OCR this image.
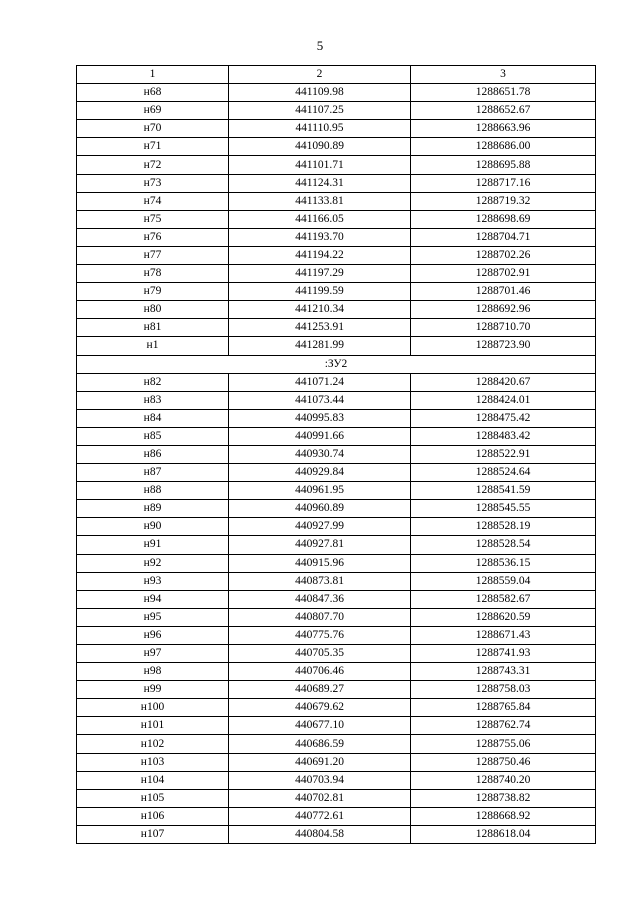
5
1	2	3
н68	441109.98	1288651.78
н69	441107.25	1288652.67
н70	441110.95	1288663.96
н71	441090.89	1288686.00
н72	441101.71	1288695.88
н73	441124.31	1288717.16
н74	441133.81	1288719.32
н75	441166.05	1288698.69
н76	441193.70	1288704.71
н77	441194.22	1288702.26
н78	441197.29	1288702.91
н79	441199.59	1288701.46
н80	441210.34	1288692.96
н81	441253.91	1288710.70
н1	441281.99	1288723.90
:ЗУ2		
н82	441071.24	1288420.67
н83	441073.44	1288424.01
н84	440995.83	1288475.42
н85	440991.66	1288483.42
н86	440930.74	1288522.91
н87	440929.84	1288524.64
н88	440961.95	1288541.59
н89	440960.89	1288545.55
н90	440927.99	1288528.19
н91	440927.81	1288528.54
н92	440915.96	1288536.15
н93	440873.81	1288559.04
н94	440847.36	1288582.67
н95	440807.70	1288620.59
н96	440775.76	1288671.43
н97	440705.35	1288741.93
н98	440706.46	1288743.31
н99	440689.27	1288758.03
н100	440679.62	1288765.84
н101	440677.10	1288762.74
н102	440686.59	1288755.06
н103	440691.20	1288750.46
н104	440703.94	1288740.20
н105	440702.81	1288738.82
н106	440772.61	1288668.92
н107	440804.58	1288618.04
